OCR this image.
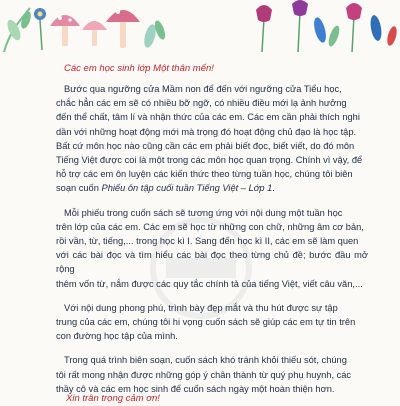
Các em học sinh lớp Một thân mến!

Bước qua ngưỡng cửa Mầm non để đến với ngưỡng cửa Tiểu học,
chắc hẳn các em sẽ có nhiều bỡ ngỡ, có nhiều điều mới lạ ảnh hưởng
đến thể chất, tâm lí và nhận thức của các em. Các em cần phải thích nghi
dần với những hoạt động mới mà trọng đó hoạt động chủ đạo là học tập.
Bất cứ môn học nào cũng cần các em phải biết đọc, biết viết, do đó môn
Tiếng Việt được coi là một trong các môn học quan trọng. Chính vì vậy, để
hỗ trợ các em ôn luyện các kiến thức theo từng tuần học, chúng tôi biên
soạn cuốn Phiếu ôn tập cuối tuần Tiếng Việt – Lớp 1.

Mỗi phiếu trong cuốn sách sẽ tương ứng với nội dung một tuần học
trên lớp của các em. Các em sẽ học từ những con chữ, những âm cơ bản,
rồi vần, từ, tiếng,... trong học kì I. Sang đến học kì II, các em sẽ làm quen
với các bài đọc và tìm hiểu các bài đọc theo từng chủ đề; bước đầu mở rộng
thêm vốn từ, nắm được các quy tắc chính tả của tiếng Việt, viết câu văn,...

Với nội dung phong phú, trình bày đẹp mắt và thu hút được sự tập
trung của các em, chúng tôi hi vọng cuốn sách sẽ giúp các em tự tin trên
con đường học tập của mình.

Trong quá trình biên soạn, cuốn sách khó tránh khỏi thiếu sót, chúng
tôi rất mong nhận được những góp ý chân thành từ quý phụ huynh, các
thầy cô và các em học sinh để cuốn sách ngày một hoàn thiện hơn.

Xin trân trọng cảm ơn!
